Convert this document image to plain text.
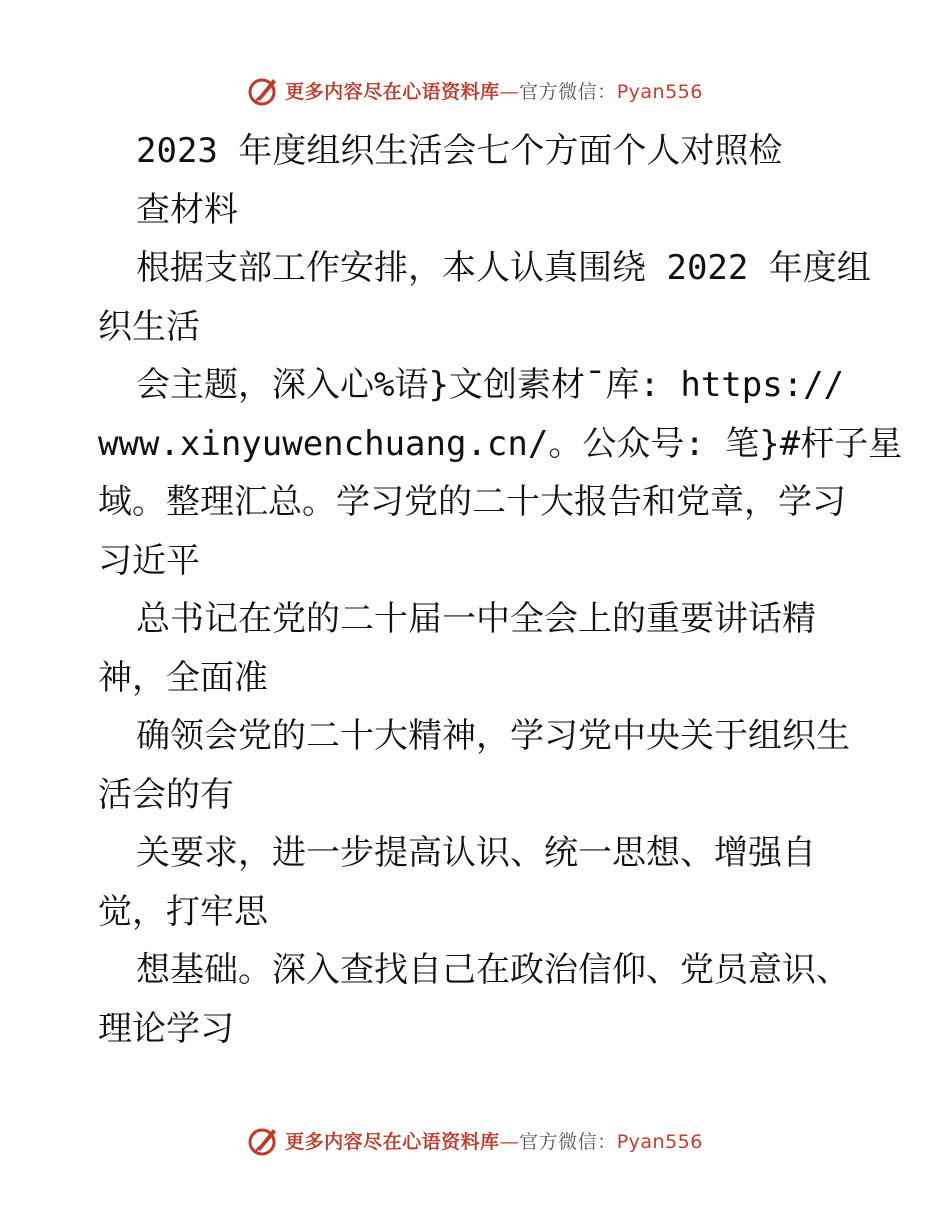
更多内容尽在心语资料库—官方微信：Pyan556

2023 年度组织生活会七个方面个人对照检

查材料

根据支部工作安排，本人认真围绕 2022 年度组

织生活

会主题，深入心%语}文创素材¯库: https://

www.xinyuwenchuang.cn/。公众号: 笔}#杆子星

域。整理汇总。学习党的二十大报告和党章，学习

习近平

总书记在党的二十届一中全会上的重要讲话精

神，全面准

确领会党的二十大精神，学习党中央关于组织生

活会的有

关要求，进一步提高认识、统一思想、增强自

觉，打牢思

想基础。深入查找自己在政治信仰、党员意识、

理论学习

更多内容尽在心语资料库—官方微信：Pyan556
